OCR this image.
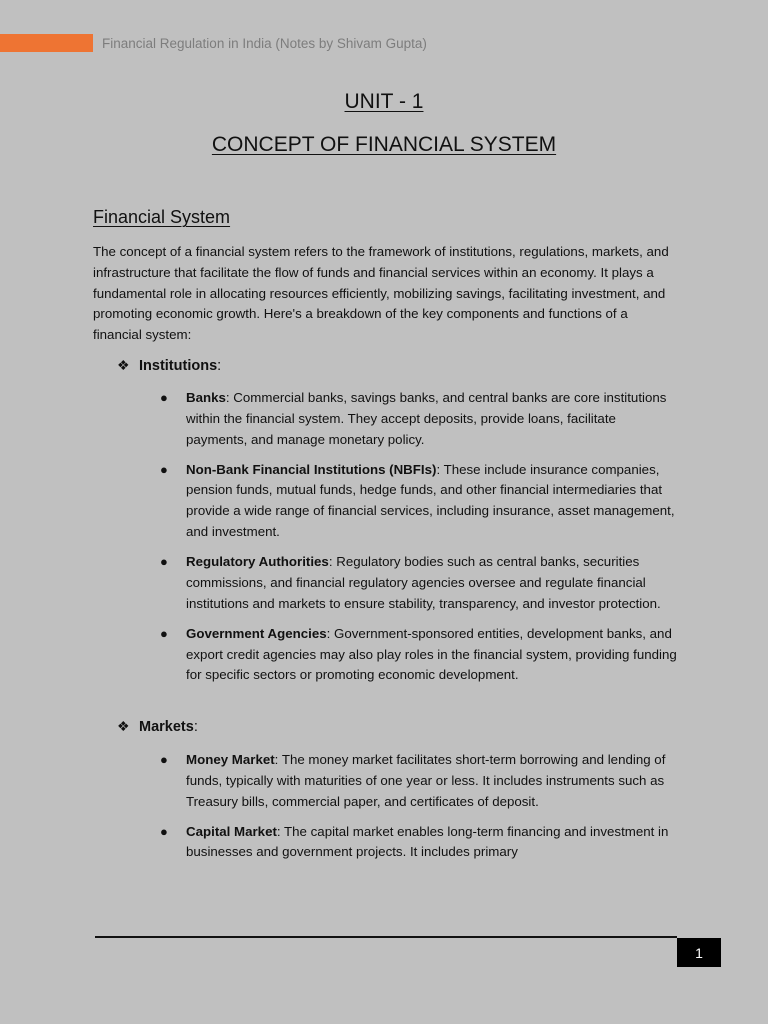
Financial Regulation in India (Notes by Shivam Gupta)
UNIT - 1
CONCEPT OF FINANCIAL SYSTEM
Financial System
The concept of a financial system refers to the framework of institutions, regulations, markets, and infrastructure that facilitate the flow of funds and financial services within an economy. It plays a fundamental role in allocating resources efficiently, mobilizing savings, facilitating investment, and promoting economic growth. Here's a breakdown of the key components and functions of a financial system:
❖ Institutions:
● Banks: Commercial banks, savings banks, and central banks are core institutions within the financial system. They accept deposits, provide loans, facilitate payments, and manage monetary policy.
● Non-Bank Financial Institutions (NBFIs): These include insurance companies, pension funds, mutual funds, hedge funds, and other financial intermediaries that provide a wide range of financial services, including insurance, asset management, and investment.
● Regulatory Authorities: Regulatory bodies such as central banks, securities commissions, and financial regulatory agencies oversee and regulate financial institutions and markets to ensure stability, transparency, and investor protection.
● Government Agencies: Government-sponsored entities, development banks, and export credit agencies may also play roles in the financial system, providing funding for specific sectors or promoting economic development.
❖ Markets:
● Money Market: The money market facilitates short-term borrowing and lending of funds, typically with maturities of one year or less. It includes instruments such as Treasury bills, commercial paper, and certificates of deposit.
● Capital Market: The capital market enables long-term financing and investment in businesses and government projects. It includes primary
1
